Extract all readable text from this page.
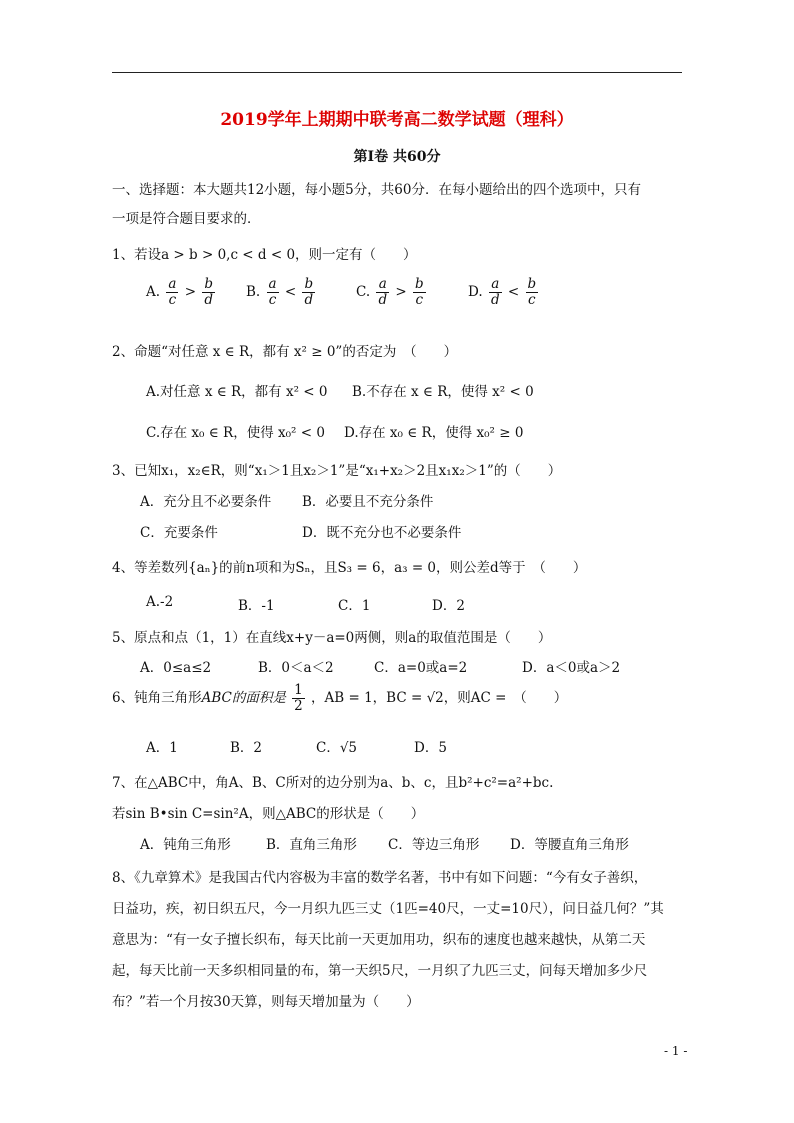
2019学年上期期中联考高二数学试题（理科）
第Ⅰ卷 共60分
一、选择题：本大题共12小题，每小题5分，共60分．在每小题给出的四个选项中，只有
一项是符合题目要求的．
1、若设a > b > 0,c < d < 0，则一定有（　　）
A. $\frac{a}{c} > \frac{b}{d} B$. $\frac{a}{c} < \frac{b}{d}$	C. $\frac{a}{d} > \frac{b}{c}$	D. $\frac{a}{d} < \frac{b}{c}$
2、命题“对任意 x ∈ R，都有 x² ≥ 0”的否定为　（　　）
A.对任意 x ∈ R，都有 x² < 0 B.不存在 x ∈ R，使得 x² < 0
C.存在 x₀ ∈ R，使得 x₀² < 0 D.存在 x₀ ∈ R，使得 x₀² ≥ 0
3、已知x₁，x₂∈R，则“x₁＞1且x₂＞1”是“x₁+x₂＞2且x₁x₂＞1”的（　　）
A．充分且不必要条件 B．必要且不充分条件
C．充要条件	D．既不充分也不必要条件
4、等差数列{aₙ}的前n项和为Sₙ，且S₃ = 6，a₃ = 0，则公差d等于　（　　）
A.-2	B．-1	C．1	D．2
5、原点和点（1，1）在直线x+y－a=0两侧，则a的取值范围是（　　）
A．0≤a≤2	B．0＜a＜2	C．a=0或a=2	D．a＜0或a＞2
6、钝角三角形ABC的面积是 $\frac{1}{2}$ ，AB = 1，BC = √2，则AC =　（　　）
A．1	B．2	C．√5	D．5
7、在△ABC中，角A、B、C所对的边分别为a、b、c，且b²+c²=a²+bc.
若sin B•sin C=sin²A，则△ABC的形状是（　　）
A．钝角三角形	B．直角三角形 C．等边三角形 D．等腰直角三角形
8、《九章算术》是我国古代内容极为丰富的数学名著，书中有如下问题：“今有女子善织，
日益功，疾，初日织五尺，今一月织九匹三丈（1匹=40尺，一丈=10尺），问日益几何？”其
意思为：“有一女子擅长织布，每天比前一天更加用功，织布的速度也越来越快，从第二天
起，每天比前一天多织相同量的布，第一天织5尺，一月织了九匹三丈，问每天增加多少尺
布？”若一个月按30天算，则每天增加量为（　　）
- 1 -
